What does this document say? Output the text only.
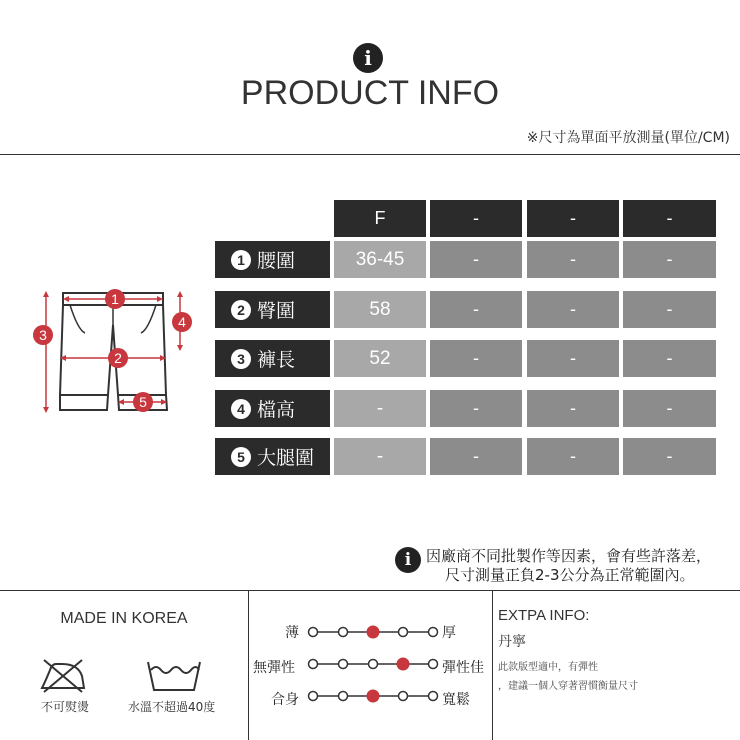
i
PRODUCT INFO
※尺寸為單面平放測量(單位/CM)
1
2
3
4
5
F	-	-	-
1 腰圍	36-45	-	-	-
2 臀圍	58	-	-	-
3 褲長	52	-	-	-
4 檔高	-	-	-	-
5 大腿圍	-	-	-	-
i 因廠商不同批製作等因素，會有些許落差，
尺寸測量正負2-3公分為正常範圍內。
MADE IN KOREA
不可熨燙	水溫不超過40度
薄	厚
無彈性	彈性佳
合身	寬鬆
EXTPA INFO:
丹寧
此款版型適中，有彈性
，建議一個人穿著習慣衡量尺寸
